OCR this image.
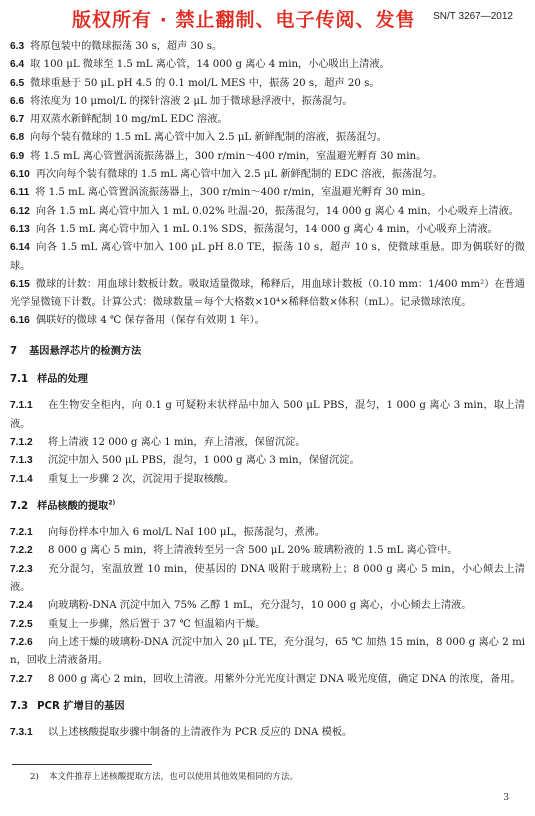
版权所有 · 禁止翻制、电子传阅、发售 SN/T 3267—2012

6.3 将原包装中的微球振荡 30 s，超声 30 s。

6.4 取 100 μL 微球至 1.5 mL 离心管，14 000 g 离心 4 min，小心吸出上清液。

6.5 微球重悬于 50 μL pH 4.5 的 0.1 mol/L MES 中，振荡 20 s，超声 20 s。

6.6 将浓度为 10 μmol/L 的探针溶液 2 μL 加于微球悬浮液中，振荡混匀。

6.7 用双蒸水新鲜配制 10 mg/mL EDC 溶液。

6.8 向每个装有微球的 1.5 mL 离心管中加入 2.5 μL 新鲜配制的溶液，振荡混匀。

6.9 将 1.5 mL 离心管置涡流振荡器上，300 r/min～400 r/min，室温避光孵育 30 min。

6.10 再次向每个装有微球的 1.5 mL 离心管中加入 2.5 μL 新鲜配制的 EDC 溶液，振荡混匀。

6.11 将 1.5 mL 离心管置涡流振荡器上，300 r/min～400 r/min，室温避光孵育 30 min。

6.12 向各 1.5 mL 离心管中加入 1 mL 0.02% 吐温-20，振荡混匀，14 000 g 离心 4 min，小心吸弃上清液。

6.13 向各 1.5 mL 离心管中加入 1 mL 0.1% SDS，振荡混匀，14 000 g 离心 4 min，小心吸弃上清液。

6.14 向各 1.5 mL 离心管中加入 100 μL pH 8.0 TE，振荡 10 s，超声 10 s，使微球重悬。即为偶联好的微球。

6.15 微球的计数：用血球计数板计数。吸取适量微球，稀释后，用血球计数板（0.10 mm：1/400 mm²）在普通光学显微镜下计数。计算公式：微球数量＝每个大格数×10⁴×稀释倍数×体积（mL）。记录微球浓度。

6.16 偶联好的微球 4 ℃ 保存备用（保存有效期 1 年）。

7 基因悬浮芯片的检测方法

7.1 样品的处理

7.1.1 在生物安全柜内，向 0.1 g 可疑粉末状样品中加入 500 μL PBS，混匀，1 000 g 离心 3 min，取上清液。

7.1.2 将上清液 12 000 g 离心 1 min，弃上清液，保留沉淀。

7.1.3 沉淀中加入 500 μL PBS，混匀，1 000 g 离心 3 min，保留沉淀。

7.1.4 重复上一步骤 2 次，沉淀用于提取核酸。

7.2 样品核酸的提取$^{2)}$

7.2.1 向每份样本中加入 6 mol/L NaI 100 μL，振荡混匀，煮沸。

7.2.2 8 000 g 离心 5 min，将上清液转至另一含 500 μL 20% 玻璃粉液的 1.5 mL 离心管中。

7.2.3 充分混匀，室温放置 10 min，使基因的 DNA 吸附于玻璃粉上；8 000 g 离心 5 min，小心倾去上清液。

7.2.4 向玻璃粉-DNA 沉淀中加入 75% 乙醇 1 mL，充分混匀，10 000 g 离心，小心倾去上清液。

7.2.5 重复上一步骤，然后置于 37 ℃ 恒温箱内干燥。

7.2.6 向上述干燥的玻璃粉-DNA 沉淀中加入 20 μL TE，充分混匀，65 ℃ 加热 15 min，8 000 g 离心 2 min，回收上清液备用。

7.2.7 8 000 g 离心 2 min，回收上清液。用紫外分光光度计测定 DNA 吸光度值，确定 DNA 的浓度，备用。

7.3 PCR 扩增目的基因

7.3.1 以上述核酸提取步骤中制备的上清液作为 PCR 反应的 DNA 模板。

2) 本文件推荐上述核酸提取方法，也可以使用其他效果相同的方法。
3
